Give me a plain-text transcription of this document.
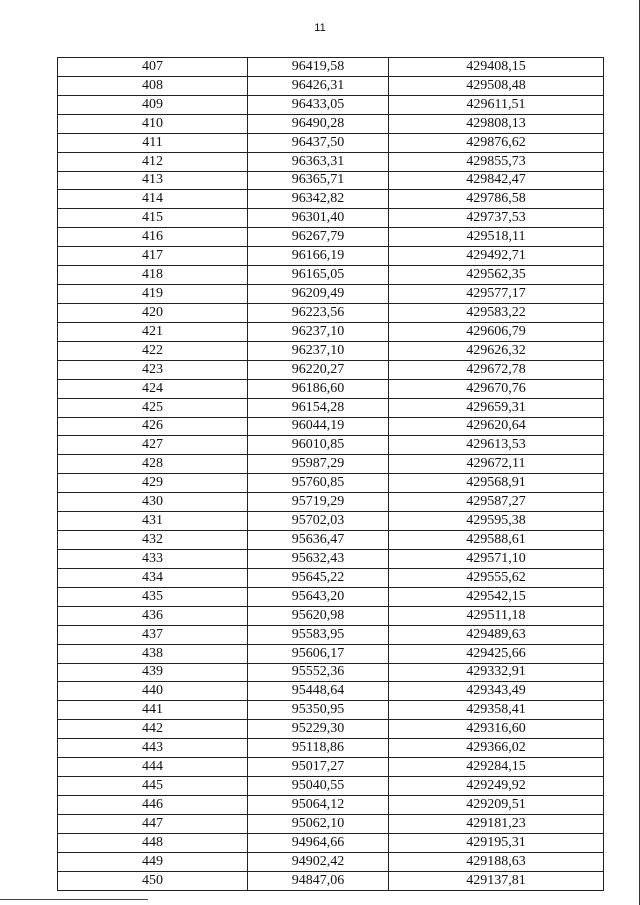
11
407	96419,58	429408,15
408	96426,31	429508,48
409	96433,05	429611,51
410	96490,28	429808,13
411	96437,50	429876,62
412	96363,31	429855,73
413	96365,71	429842,47
414	96342,82	429786,58
415	96301,40	429737,53
416	96267,79	429518,11
417	96166,19	429492,71
418	96165,05	429562,35
419	96209,49	429577,17
420	96223,56	429583,22
421	96237,10	429606,79
422	96237,10	429626,32
423	96220,27	429672,78
424	96186,60	429670,76
425	96154,28	429659,31
426	96044,19	429620,64
427	96010,85	429613,53
428	95987,29	429672,11
429	95760,85	429568,91
430	95719,29	429587,27
431	95702,03	429595,38
432	95636,47	429588,61
433	95632,43	429571,10
434	95645,22	429555,62
435	95643,20	429542,15
436	95620,98	429511,18
437	95583,95	429489,63
438	95606,17	429425,66
439	95552,36	429332,91
440	95448,64	429343,49
441	95350,95	429358,41
442	95229,30	429316,60
443	95118,86	429366,02
444	95017,27	429284,15
445	95040,55	429249,92
446	95064,12	429209,51
447	95062,10	429181,23
448	94964,66	429195,31
449	94902,42	429188,63
450	94847,06	429137,81
